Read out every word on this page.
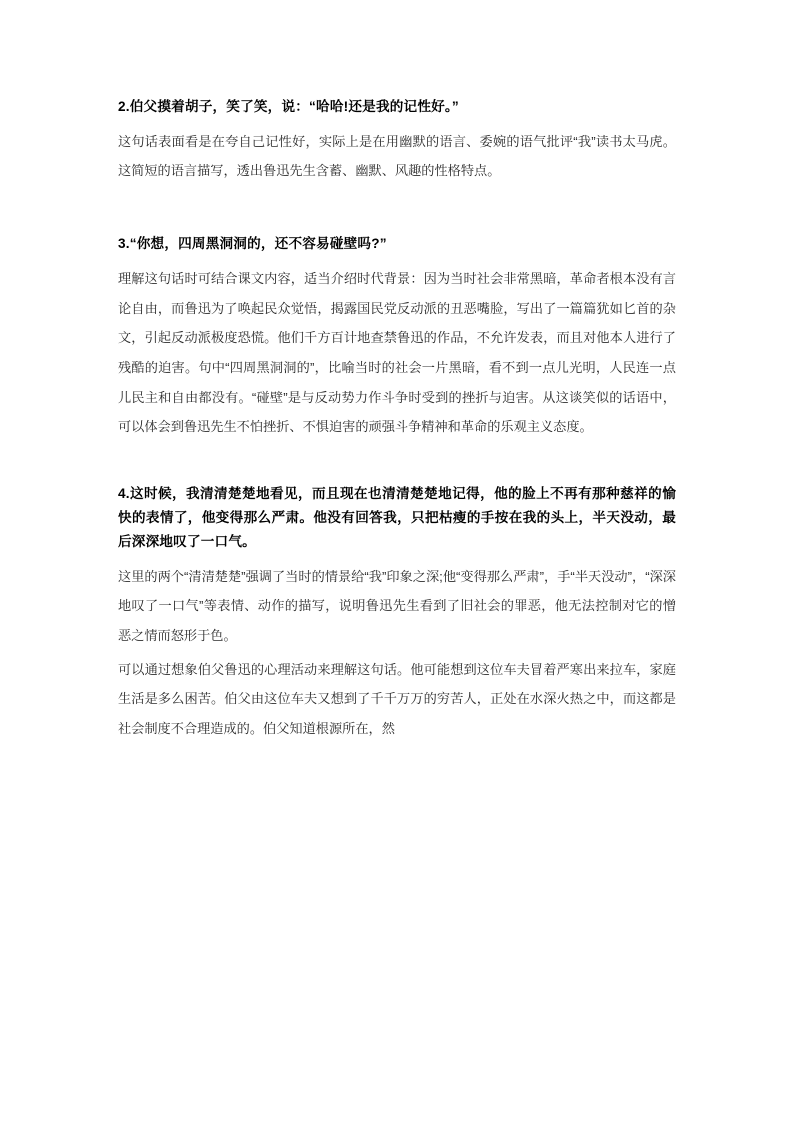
2.伯父摸着胡子，笑了笑，说：“哈哈!还是我的记性好。”

这句话表面看是在夸自己记性好，实际上是在用幽默的语言、委婉的语气批评“我”读书太马虎。这简短的语言描写，透出鲁迅先生含蓄、幽默、风趣的性格特点。

3.“你想，四周黑洞洞的，还不容易碰壁吗?”

理解这句话时可结合课文内容，适当介绍时代背景：因为当时社会非常黑暗，革命者根本没有言论自由，而鲁迅为了唤起民众觉悟，揭露国民党反动派的丑恶嘴脸，写出了一篇篇犹如匕首的杂文，引起反动派极度恐慌。他们千方百计地查禁鲁迅的作品，不允许发表，而且对他本人进行了残酷的迫害。句中“四周黑洞洞的”，比喻当时的社会一片黑暗，看不到一点儿光明，人民连一点儿民主和自由都没有。“碰壁”是与反动势力作斗争时受到的挫折与迫害。从这谈笑似的话语中，可以体会到鲁迅先生不怕挫折、不惧迫害的顽强斗争精神和革命的乐观主义态度。

4.这时候，我清清楚楚地看见，而且现在也清清楚楚地记得，他的脸上不再有那种慈祥的愉快的表情了，他变得那么严肃。他没有回答我，只把枯瘦的手按在我的头上，半天没动，最后深深地叹了一口气。

这里的两个“清清楚楚”强调了当时的情景给“我”印象之深;他“变得那么严肃”，手“半天没动”，“深深地叹了一口气”等表情、动作的描写，说明鲁迅先生看到了旧社会的罪恶，他无法控制对它的憎恶之情而怒形于色。

可以通过想象伯父鲁迅的心理活动来理解这句话。他可能想到这位车夫冒着严寒出来拉车，家庭生活是多么困苦。伯父由这位车夫又想到了千千万万的穷苦人，正处在水深火热之中，而这都是社会制度不合理造成的。伯父知道根源所在，然
